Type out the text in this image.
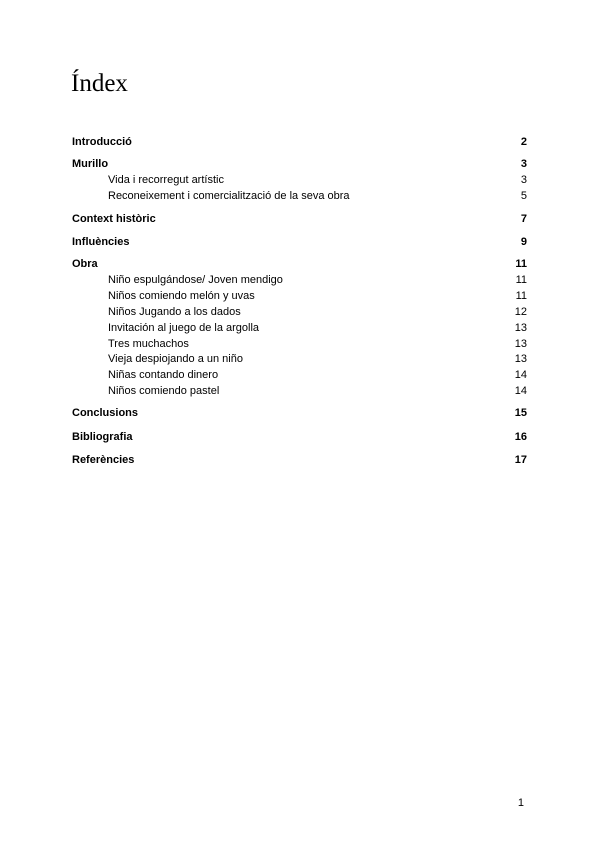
Índex
Introducció	2
Murillo	3
Vida i recorregut artístic	3
Reconeixement i comercialització de la seva obra	5
Context històric	7
Influències	9
Obra	11
Niño espulgándose/ Joven mendigo	11
Niños comiendo melón y uvas	11
Niños Jugando a los dados	12
Invitación al juego de la argolla	13
Tres muchachos	13
Vieja despiojando a un niño	13
Niñas contando dinero	14
Niños comiendo pastel	14
Conclusions	15
Bibliografia	16
Referències	17
1
